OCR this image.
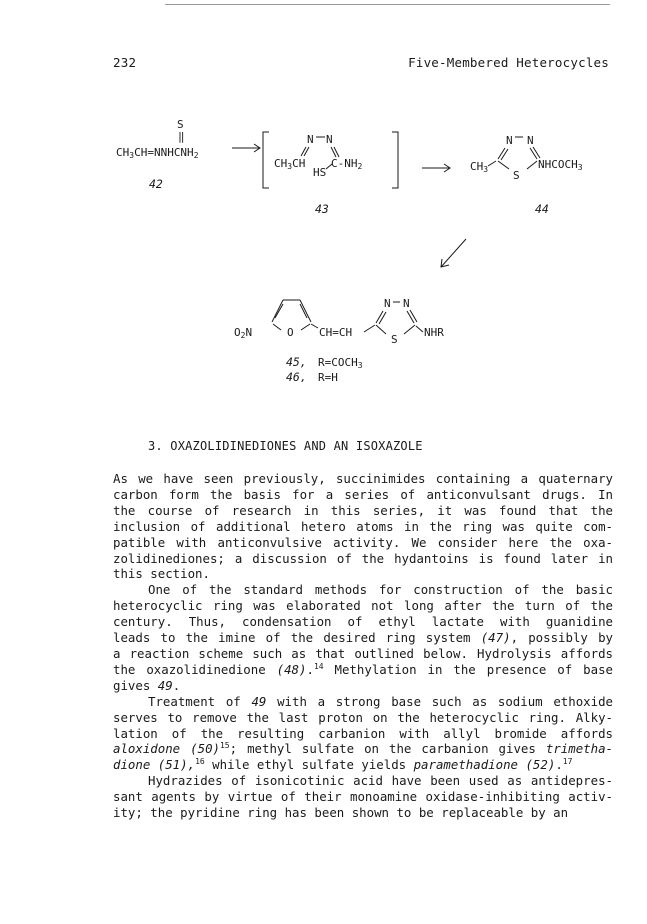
232	Five-Membered Heterocycles
S
‖
CH3CH=NNHCNH2
42
N N
CH3CH
HS
C-NH2
43
N N
CH3 S
NHCOCH3
44
O2N	O CH=CH
N N
S
NHR
45, R=COCH3
46, R=H
3. OXAZOLIDINEDIONES AND AN ISOXAZOLE

As we have seen previously, succinimides containing a quaternary
carbon form the basis for a series of anticonvulsant drugs. In
the course of research in this series, it was found that the
inclusion of additional hetero atoms in the ring was quite com-
patible with anticonvulsive activity. We consider here the oxa-
zolidinediones; a discussion of the hydantoins is found later in
this section.

One of the standard methods for construction of the basic
heterocyclic ring was elaborated not long after the turn of the
century. Thus, condensation of ethyl lactate with guanidine
leads to the imine of the desired ring system (47), possibly by
a reaction scheme such as that outlined below. Hydrolysis affords
the oxazolidinedione (48).$^{14}$ Methylation in the presence of base
gives 49.

Treatment of 49 with a strong base such as sodium ethoxide
serves to remove the last proton on the heterocyclic ring. Alky-
lation of the resulting carbanion with allyl bromide affords
aloxidone $(50)^{15}$; methyl sulfate on the carbanion gives trimetha-
dione (51),$^{16}$ while ethyl sulfate yields paramethadione (52).$^{17}$

Hydrazides of isonicotinic acid have been used as antidepres-
sant agents by virtue of their monoamine oxidase-inhibiting activ-
ity; the pyridine ring has been shown to be replaceable by an
